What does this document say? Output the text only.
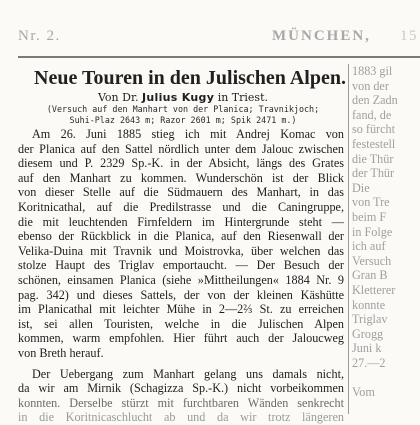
Nr. 2.	MÜNCHEN, 15
Neue Touren in den Julischen Alpen.
Von Dr. Julius Kugy in Triest.
(Versuch auf den Manhart von der Planica; Travnikjoch;
Suhi-Plaz 2643 m; Razor 2601 m; Spik 2471 m.)
Am 26. Juni 1885 stieg ich mit Andrej Komac von
der Planica auf den Sattel nördlich unter dem Jalouc zwischen
diesem und P. 2329 Sp.-K. in der Absicht, längs des Grates
auf den Manhart zu kommen. Wunderschön ist der Blick
von dieser Stelle auf die Südmauern des Manhart, in das
Koritnicathal, auf die Predilstrasse und die Caningruppe,
die mit leuchtenden Firnfeldern im Hintergrunde steht —
ebenso der Rückblick in die Planica, auf den Riesenwall der
Velika-Duina mit Travnik und Moistrovka, über welchen das
stolze Haupt des Triglav emportaucht. — Der Besuch der
schönen, einsamen Planica (siehe »Mittheilungen« 1884 Nr. 9
pag. 342) und dieses Sattels, der von der kleinen Käshütte
im Planicathal mit leichter Mühe in 2—2⅔ St. zu erreichen
ist, sei allen Touristen, welche in die Julischen Alpen
kommen, warm empfohlen. Hier führt auch der Jaloucweg
von Breth herauf.
Der Uebergang zum Manhart gelang uns damals nicht,
da wir am Mirnik (Schagizza Sp.-K.) nicht vorbeikommen
konnten. Derselbe stürzt mit furchtbaren Wänden senkrecht
in die Koritnicaschlucht ab und da wir trotz längeren
1883 gil
von der
den Zadn
fand, de
so fürcht
festestell
die Thür
der Thür
Die
von Tre
beim F
in Folge
ich auf
Versuch
Gran B
Kletterer
konnte
Triglav
Grogg
Juni k
27.—2
Vom
